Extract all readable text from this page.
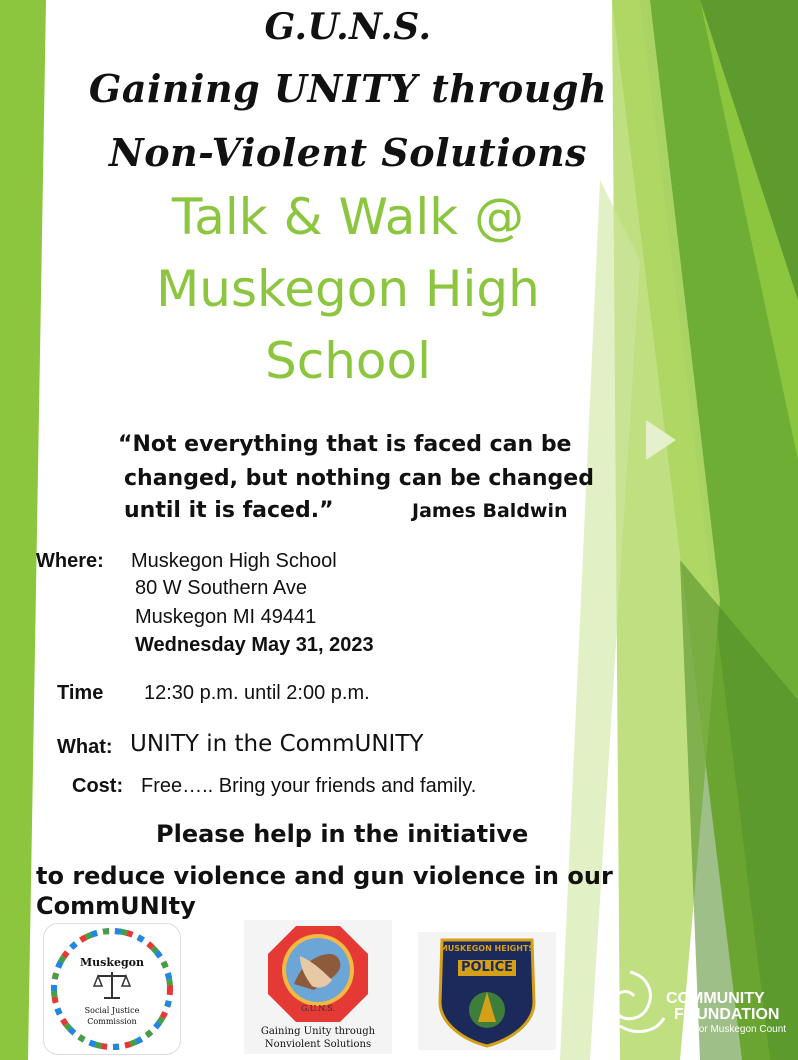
G.U.N.S.
Gaining UNITY through
Non-Violent Solutions
Talk & Walk @
Muskegon High
School
“Not everything that is faced can be
changed, but nothing can be changed
until it is faced.”	James Baldwin
Where: Muskegon High School
80 W Southern Ave
Muskegon MI 49441
Wednesday May 31, 2023
Time 12:30 p.m. until 2:00 p.m.
What: UNITY in the CommUNITY
Cost: Free….. Bring your friends and family.
Please help in the initiative
to reduce violence and gun violence in our
CommUNIty
Muskegon
Social Justice
Commission
G.U.N.S.
Gaining Unity through
Nonviolent Solutions
MUSKEGON HEIGHTS
POLICE
COMMUNITY
FOUNDATION
for Muskegon Count
